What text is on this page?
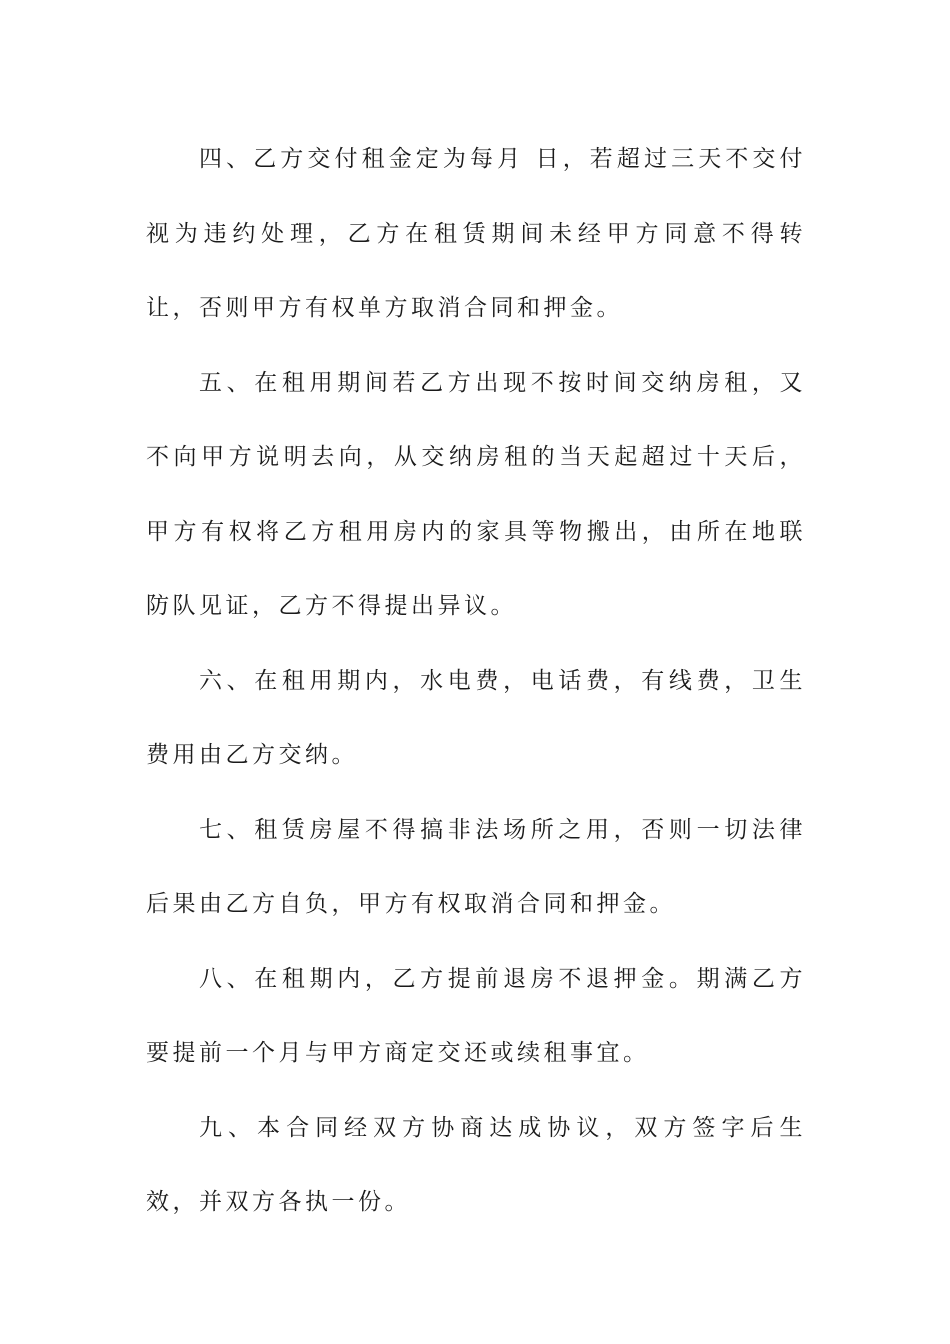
四、乙方交付租金定为每月 日，若超过三天不交付视为违约处理，乙方在租赁期间未经甲方同意不得转让，否则甲方有权单方取消合同和押金。

五、在租用期间若乙方出现不按时间交纳房租，又不向甲方说明去向，从交纳房租的当天起超过十天后，甲方有权将乙方租用房内的家具等物搬出，由所在地联防队见证，乙方不得提出异议。

六、在租用期内，水电费，电话费，有线费，卫生费用由乙方交纳。

七、租赁房屋不得搞非法场所之用，否则一切法律后果由乙方自负，甲方有权取消合同和押金。

八、在租期内，乙方提前退房不退押金。期满乙方要提前一个月与甲方商定交还或续租事宜。

九、本合同经双方协商达成协议，双方签字后生效，并双方各执一份。
